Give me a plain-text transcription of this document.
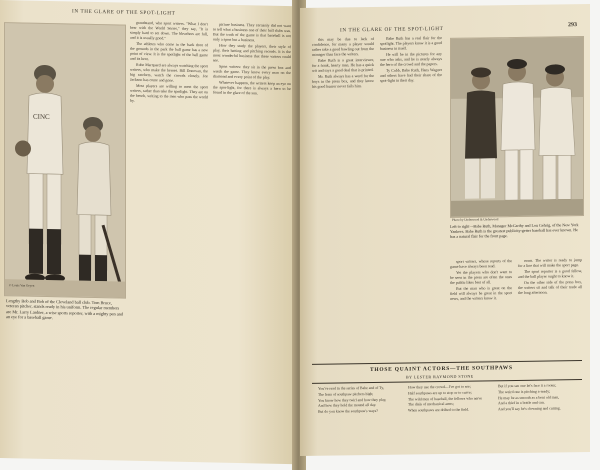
IN THE GLARE OF THE SPOT-LIGHT
CINC
© Louis Van Oeyen
Lengthy Bob and Bob of the Cleveland ball club. Tom Bruce, veteran pitcher, stands ready in his uniform. The regular members are Mr. Larry Lardner, a wise sports reporter, with a mighty pen and an eye for a baseball game.

grandstand, who sport writers. "What I don't hear with the World Series," they say, "It is simply hard to set down. The bleachers are full, and it is usually good."

The athletes who come in the back door of the grounds in the park the ball game has a new point of view. It is the spotlight of the ball game and its hero.

Rube Marquard are always watching the sport writers, who make the heroes. Bill Donovan, the big catchers, watch the crowds closely. Joe Jackson has come and gone.

Most players are willing to meet the sport writers, rather than take the spotlight. They are on the bench, writing to the men who pass the world by.

picture business. They certainly did not want to tell what a business one of their ball clubs was. But the truth of the game is that baseball is not only a sport but a business.

How they study the players, their style of play, their batting and pitching records. It is the most wonderful business that these writers could see.

Sport writers: they sit in the press box and watch the game. They know every man on the diamond and every point of the play.

Whatever happens, the writers keep an eye on the spot-light, for there is always a hero to be found in the glare of the sun.

IN THE GLARE OF THE SPOT-LIGHT
293

this may be due to lack of confidence, for many a player would rather take a good bawling out from the manager than face the writers.

Babe Ruth is a great interviewer, for a frank, hearty man. He has a quick wit and says a good deal that is printed.

Mr. Ruth always has a word for the boys in the press box, and they know his good humor never fails him.

Babe Ruth has a real flair for the spotlight. The players know it is a good business in itself.

He will be in the pictures for any one who asks, and he is nearly always the hero of the crowd and the papers.

Ty Cobb, Babe Ruth, Hans Wagner and others have had their share of the spot-light in their day.

Photo by Underwood & Underwood
Left to right—Babe Ruth, Manager McCarthy and Lou Gehrig, of the New York Yankees. Babe Ruth is the greatest publicity-getter baseball has ever known. He has a natural flair for the front page.

sport writers, whose reports of the game have always been read.

Yet the players who don't want to be seen in the press are often the ones the public likes best of all.

But the man who is great on the field will always be great in the sport news, and the writers know it.

room. The writer is ready to jump for a line that will make the sport page.

The sport reporter is a good fellow, and the ball player ought to know it.

On the other side of the press box, the writers sit and talk of their trade all the long afternoon.

THOSE QUAINT ACTORS—THE SOUTHPAWS
BY LESTER RAYMOND STONE

You've read in the series of Babe and of Ty,

The feats of southpaw pitchers high;

You know how they twirl and how they play,

And how they hold the mound all day.

But do you know the southpaw's ways?

How they use the crowd—I've got to see;

Half southpaws are up to stop or to curve;

The wild men of baseball, the fellows who nerve

The dials of mechanical arms;

When southpaws are drifted to the field.

But if you see one let's face it a rooter,

The weird one is pitching a-ready;

He may be as smooth as a bent old man,

And a thief in a bottle and can.

And you'll say he's clowning and cutting.
